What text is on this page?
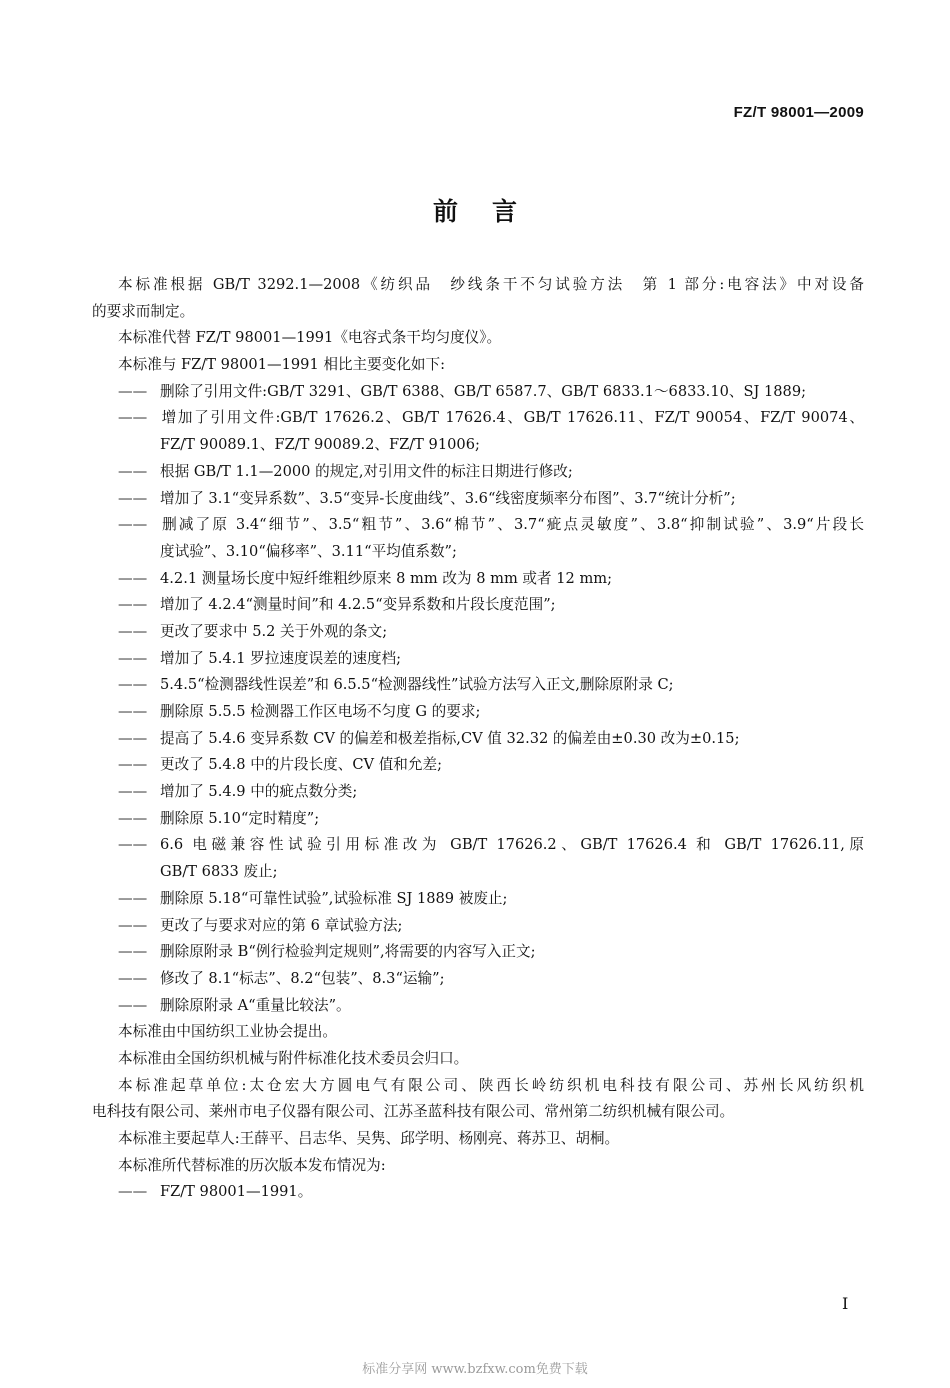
FZ/T 98001—2009
前言
本标准根据 GB/T 3292.1—2008《纺织品　纱线条干不匀试验方法　第 1 部分:电容法》中对设备
的要求而制定。
本标准代替 FZ/T 98001—1991《电容式条干均匀度仪》。
本标准与 FZ/T 98001—1991 相比主要变化如下:
—— 删除了引用文件:GB/T 3291、GB/T 6388、GB/T 6587.7、GB/T 6833.1～6833.10、SJ 1889;
—— 增加了引用文件:GB/T 17626.2、GB/T 17626.4、GB/T 17626.11、FZ/T 90054、FZ/T 90074、
FZ/T 90089.1、FZ/T 90089.2、FZ/T 91006;
—— 根据 GB/T 1.1—2000 的规定,对引用文件的标注日期进行修改;
—— 增加了 3.1“变异系数”、3.5“变异-长度曲线”、3.6“线密度频率分布图”、3.7“统计分析”;
—— 删减了原 3.4“细节”、3.5“粗节”、3.6“棉节”、3.7“疵点灵敏度”、3.8“抑制试验”、3.9“片段长
度试验”、3.10“偏移率”、3.11“平均值系数”;
—— 4.2.1 测量场长度中短纤维粗纱原来 8 mm 改为 8 mm 或者 12 mm;
—— 增加了 4.2.4“测量时间”和 4.2.5“变异系数和片段长度范围”;
—— 更改了要求中 5.2 关于外观的条文;
—— 增加了 5.4.1 罗拉速度误差的速度档;
—— 5.4.5“检测器线性误差”和 6.5.5“检测器线性”试验方法写入正文,删除原附录 C;
—— 删除原 5.5.5 检测器工作区电场不匀度 G 的要求;
—— 提高了 5.4.6 变异系数 CV 的偏差和极差指标,CV 值 32.32 的偏差由±0.30 改为±0.15;
—— 更改了 5.4.8 中的片段长度、CV 值和允差;
—— 增加了 5.4.9 中的疵点数分类;
—— 删除原 5.10“定时精度”;
—— 6.6 电磁兼容性试验引用标准改为 GB/T 17626.2、GB/T 17626.4 和 GB/T 17626.11,原
GB/T 6833 废止;
—— 删除原 5.18“可靠性试验”,试验标准 SJ 1889 被废止;
—— 更改了与要求对应的第 6 章试验方法;
—— 删除原附录 B“例行检验判定规则”,将需要的内容写入正文;
—— 修改了 8.1“标志”、8.2“包装”、8.3“运输”;
—— 删除原附录 A“重量比较法”。
本标准由中国纺织工业协会提出。
本标准由全国纺织机械与附件标准化技术委员会归口。
本标准起草单位:太仓宏大方圆电气有限公司、陕西长岭纺织机电科技有限公司、苏州长风纺织机
电科技有限公司、莱州市电子仪器有限公司、江苏圣蓝科技有限公司、常州第二纺织机械有限公司。
本标准主要起草人:王薛平、吕志华、吴隽、邱学明、杨刚亮、蒋苏卫、胡桐。
本标准所代替标准的历次版本发布情况为:
—— FZ/T 98001—1991。
I
标准分享网 www.bzfxw.com免费下载
